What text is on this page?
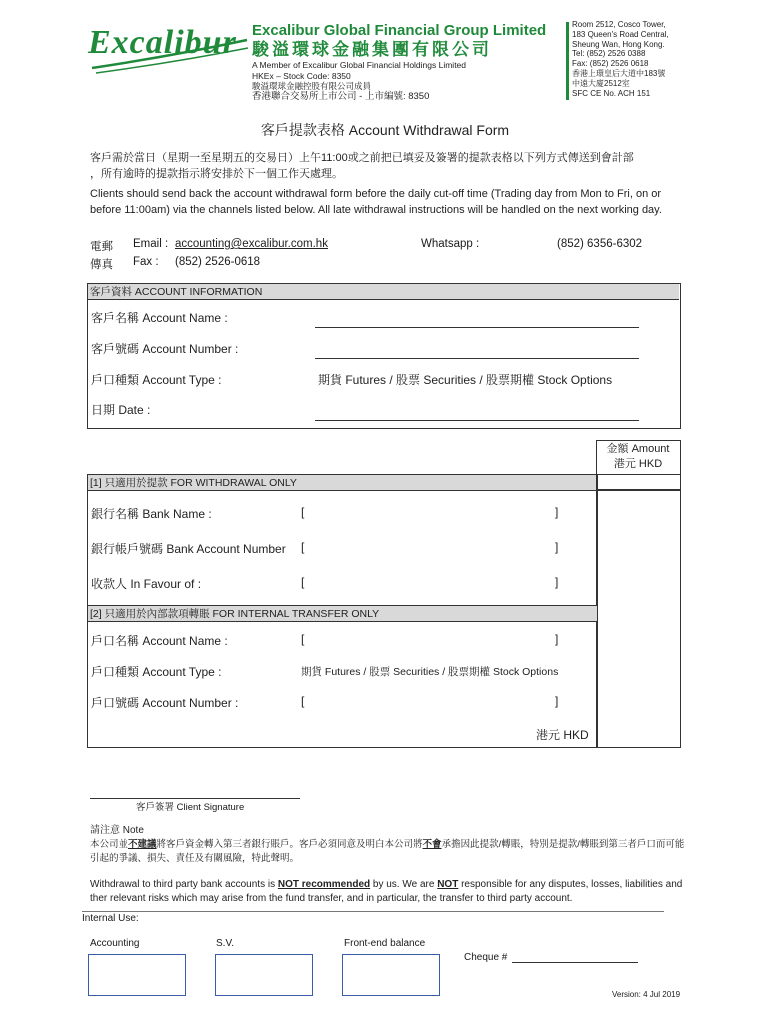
Excalibur Excalibur Global Financial Group Limited
駿溢環球金融集團有限公司
A Member of Excalibur Global Financial Holdings Limited
HKEx – Stock Code: 8350
駿溢環球金融控股有限公司成員
香港聯合交易所上市公司 - 上市編號: 8350
Room 2512, Cosco Tower,
183 Queen's Road Central,
Sheung Wan, Hong Kong.
Tel: (852) 2526 0388
Fax: (852) 2526 0618
香港上環皇后大道中183號
中遠大廈2512室
SFC CE No. ACH 151
客戶提款表格 Account Withdrawal Form
客戶需於當日（星期一至星期五的交易日）上午11:00或之前把已填妥及簽署的提款表格以下列方式傳送到會計部
，所有逾時的提款指示將安排於下一個工作天處理。
Clients should send back the account withdrawal form before the daily cut-off time (Trading day from Mon to Fri, on or before 11:00am) via the channels listed below. All late withdrawal instructions will be handled on the next working day.
電郵 Email : accounting@excalibur.com.hk	Whatsapp :	(852) 6356-6302
傳真 Fax : (852) 2526-0618
客戶資料 ACCOUNT INFORMATION
客戶名稱 Account Name :
客戶號碼 Account Number :
戶口種類 Account Type :	期貨 Futures / 股票 Securities / 股票期權 Stock Options
日期 Date :
金額 Amount
港元 HKD
[1] 只適用於提款 FOR WITHDRAWAL ONLY
銀行名稱 Bank Name :	[	]
銀行帳戶號碼 Bank Account Number [	]
收款人 In Favour of :	[	]
[2] 只適用於內部款項轉賬 FOR INTERNAL TRANSFER ONLY
戶口名稱 Account Name :	[	]
戶口種類 Account Type :	期貨 Futures / 股票 Securities / 股票期權 Stock Options
戶口號碼 Account Number :	[	]
港元 HKD
客戶簽署 Client Signature
請注意 Note
本公司並不建議將客戶資金轉入第三者銀行賬戶。客戶必須同意及明白本公司將不會承擔因此提款/轉賬，特別是提款/轉賬到第三者戶口而可能引起的爭議、損失、責任及有關風險，特此聲明。
Withdrawal to third party bank accounts is NOT recommended by us. We are NOT responsible for any disputes, losses, liabilities and ther relevant risks which may arise from the fund transfer, and in particular, the transfer to third party account.
Internal Use:
Accounting	S.V.	Front-end balance
Cheque #
Version: 4 Jul 2019
